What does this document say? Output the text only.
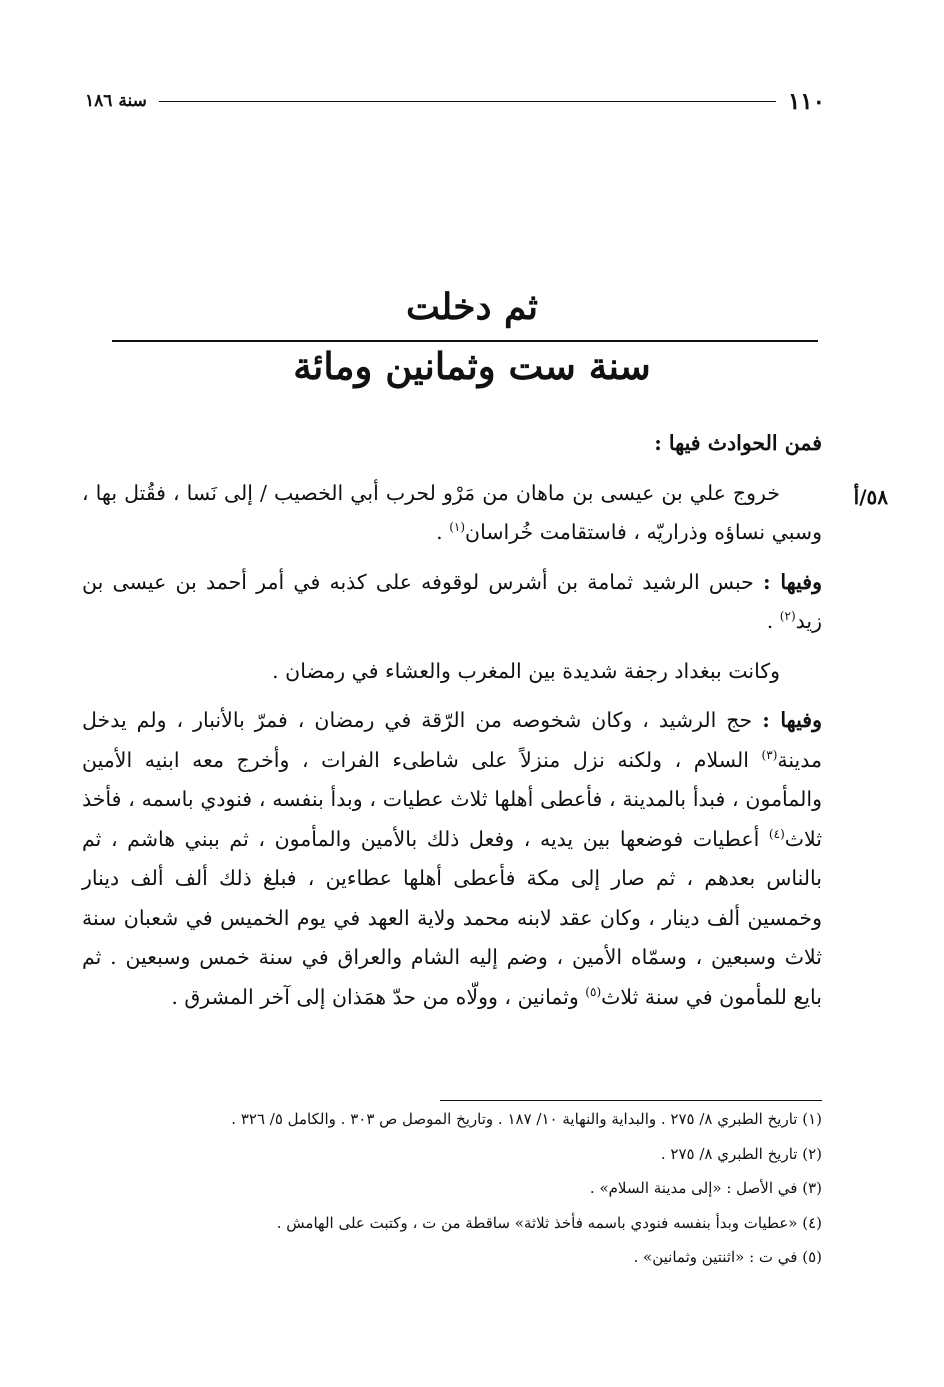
١١٠
سنة ١٨٦
ثم دخلت
سنة ست وثمانين ومائة
٥٨/أ

فمن الحوادث فيها :

خروج علي بن عيسى بن ماهان من مَرْو لحرب أبي الخصيب / إلى نَسا ، فقُتل بها ، وسبي نساؤه وذراريّه ، فاستقامت خُراسان$^{(١)}$ .

وفيها : حبس الرشيد ثمامة بن أشرس لوقوفه على كذبه في أمر أحمد بن عيسى بن زيد$^{(٢)}$ .

وكانت ببغداد رجفة شديدة بين المغرب والعشاء في رمضان .

وفيها : حج الرشيد ، وكان شخوصه من الرّقة في رمضان ، فمرّ بالأنبار ، ولم يدخل مدينة$^{(٣)}$ السلام ، ولكنه نزل منزلاً على شاطىء الفرات ، وأخرج معه ابنيه الأمين والمأمون ، فبدأ بالمدينة ، فأعطى أهلها ثلاث عطيات ، وبدأ بنفسه ، فنودي باسمه ، فأخذ ثلاث$^{(٤)}$ أعطيات فوضعها بين يديه ، وفعل ذلك بالأمين والمأمون ، ثم ببني هاشم ، ثم بالناس بعدهم ، ثم صار إلى مكة فأعطى أهلها عطاءين ، فبلغ ذلك ألف ألف دينار وخمسين ألف دينار ، وكان عقد لابنه محمد ولاية العهد في يوم الخميس في شعبان سنة ثلاث وسبعين ، وسمّاه الأمين ، وضم إليه الشام والعراق في سنة خمس وسبعين . ثم بايع للمأمون في سنة ثلاث$^{(٥)}$ وثمانين ، وولّاه من حدّ همَذان إلى آخر المشرق .

(١) تاريخ الطبري ٨/ ٢٧٥ . والبداية والنهاية ١٠/ ١٨٧ . وتاريخ الموصل ص ٣٠٣ . والكامل ٥/ ٣٢٦ .
(٢) تاريخ الطبري ٨/ ٢٧٥ .
(٣) في الأصل : «إلى مدينة السلام» .
(٤) «عطيات وبدأ بنفسه فنودي باسمه فأخذ ثلاثة» ساقطة من ت ، وكتبت على الهامش .
(٥) في ت : «اثنتين وثمانين» .
